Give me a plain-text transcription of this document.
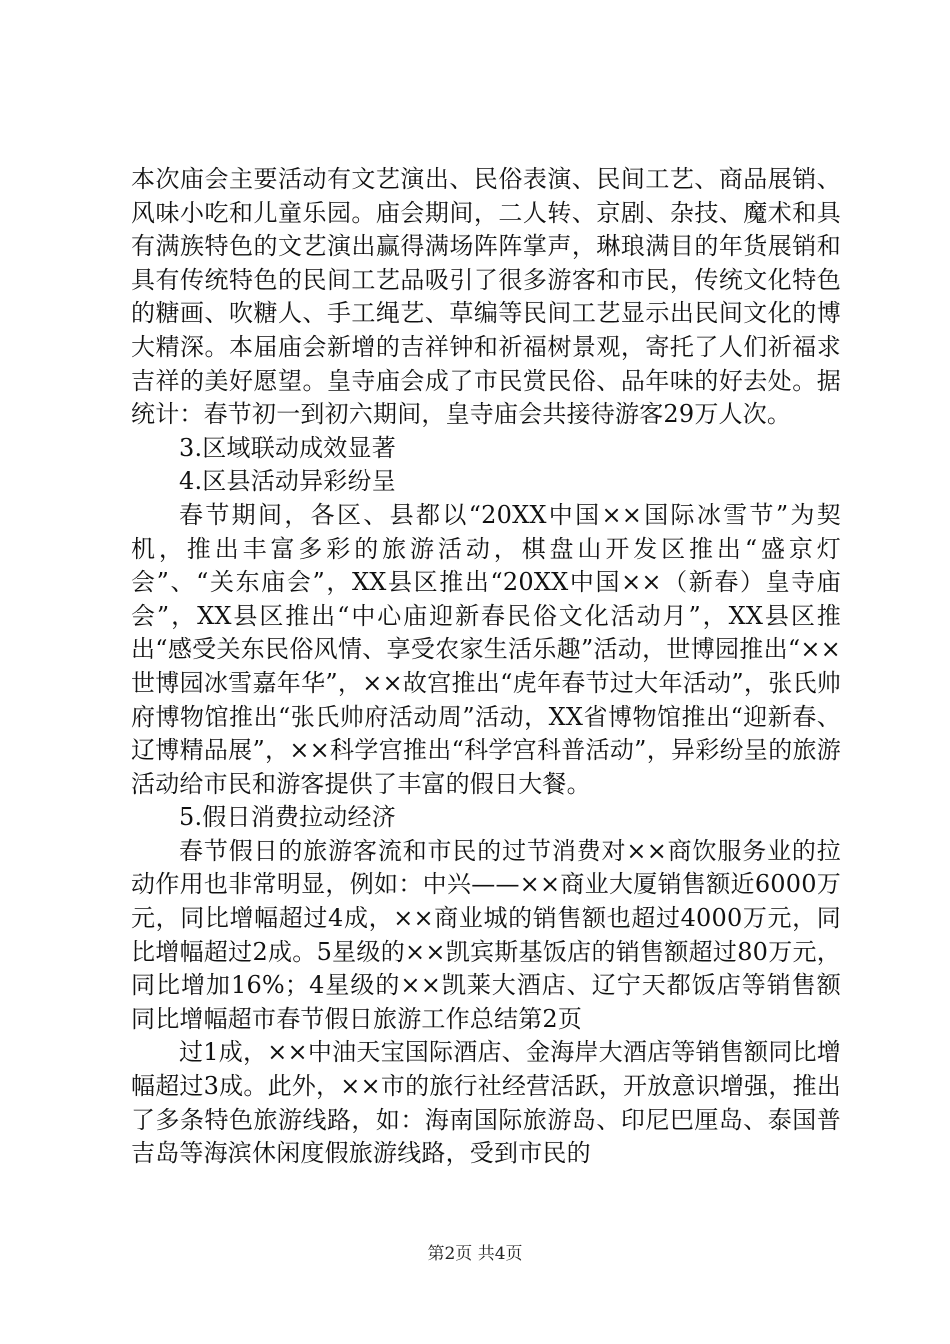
本次庙会主要活动有文艺演出、民俗表演、民间工艺、商品展销、风味小吃和儿童乐园。庙会期间，二人转、京剧、杂技、魔术和具有满族特色的文艺演出赢得满场阵阵掌声，琳琅满目的年货展销和具有传统特色的民间工艺品吸引了很多游客和市民，传统文化特色的糖画、吹糖人、手工绳艺、草编等民间工艺显示出民间文化的博大精深。本届庙会新增的吉祥钟和祈福树景观，寄托了人们祈福求吉祥的美好愿望。皇寺庙会成了市民赏民俗、品年味的好去处。据统计：春节初一到初六期间，皇寺庙会共接待游客29万人次。

3.区域联动成效显著

4.区县活动异彩纷呈

春节期间，各区、县都以“20XX中国××国际冰雪节”为契机，推出丰富多彩的旅游活动，棋盘山开发区推出“盛京灯会”、“关东庙会”，XX县区推出“20XX中国××（新春）皇寺庙会”，XX县区推出“中心庙迎新春民俗文化活动月”，XX县区推出“感受关东民俗风情、享受农家生活乐趣”活动，世博园推出“××世博园冰雪嘉年华”，××故宫推出“虎年春节过大年活动”，张氏帅府博物馆推出“张氏帅府活动周”活动，XX省博物馆推出“迎新春、辽博精品展”，××科学宫推出“科学宫科普活动”，异彩纷呈的旅游活动给市民和游客提供了丰富的假日大餐。

5.假日消费拉动经济

春节假日的旅游客流和市民的过节消费对××商饮服务业的拉动作用也非常明显，例如：中兴——××商业大厦销售额近6000万元，同比增幅超过4成，××商业城的销售额也超过4000万元，同比增幅超过2成。5星级的××凯宾斯基饭店的销售额超过80万元，同比增加16%；4星级的××凯莱大酒店、辽宁天都饭店等销售额同比增幅超市春节假日旅游工作总结第2页

过1成，××中油天宝国际酒店、金海岸大酒店等销售额同比增幅超过3成。此外，××市的旅行社经营活跃，开放意识增强，推出了多条特色旅游线路，如：海南国际旅游岛、印尼巴厘岛、泰国普吉岛等海滨休闲度假旅游线路，受到市民的

第2页 共4页
